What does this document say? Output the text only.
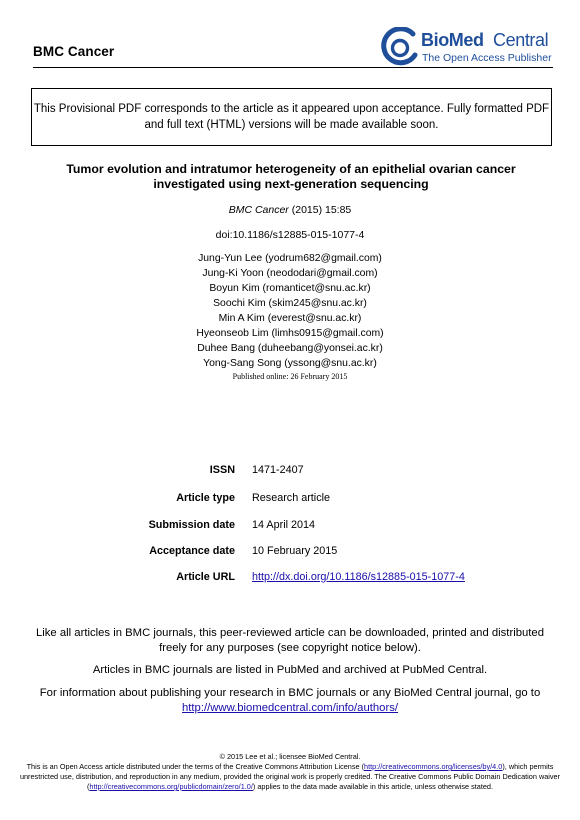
BMC Cancer
BioMed Central
The Open Access Publisher
This Provisional PDF corresponds to the article as it appeared upon acceptance. Fully formatted PDF and full text (HTML) versions will be made available soon.
Tumor evolution and intratumor heterogeneity of an epithelial ovarian cancer
investigated using next-generation sequencing
BMC Cancer (2015) 15:85
doi:10.1186/s12885-015-1077-4
Jung-Yun Lee (yodrum682@gmail.com)
Jung-Ki Yoon (neododari@gmail.com)
Boyun Kim (romanticet@snu.ac.kr)
Soochi Kim (skim245@snu.ac.kr)
Min A Kim (everest@snu.ac.kr)
Hyeonseob Lim (limhs0915@gmail.com)
Duhee Bang (duheebang@yonsei.ac.kr)
Yong-Sang Song (yssong@snu.ac.kr)
Published online: 26 February 2015
ISSN 1471-2407
Article type Research article
Submission date 14 April 2014
Acceptance date 10 February 2015
Article URL http://dx.doi.org/10.1186/s12885-015-1077-4
Like all articles in BMC journals, this peer-reviewed article can be downloaded, printed and distributed
freely for any purposes (see copyright notice below).
Articles in BMC journals are listed in PubMed and archived at PubMed Central.
For information about publishing your research in BMC journals or any BioMed Central journal, go to
http://www.biomedcentral.com/info/authors/
© 2015 Lee et al.; licensee BioMed Central.
This is an Open Access article distributed under the terms of the Creative Commons Attribution License (http://creativecommons.org/licenses/by/4.0), which permits unrestricted use, distribution, and reproduction in any medium, provided the original work is properly credited. The Creative Commons Public Domain Dedication waiver (http://creativecommons.org/publicdomain/zero/1.0/) applies to the data made available in this article, unless otherwise stated.
